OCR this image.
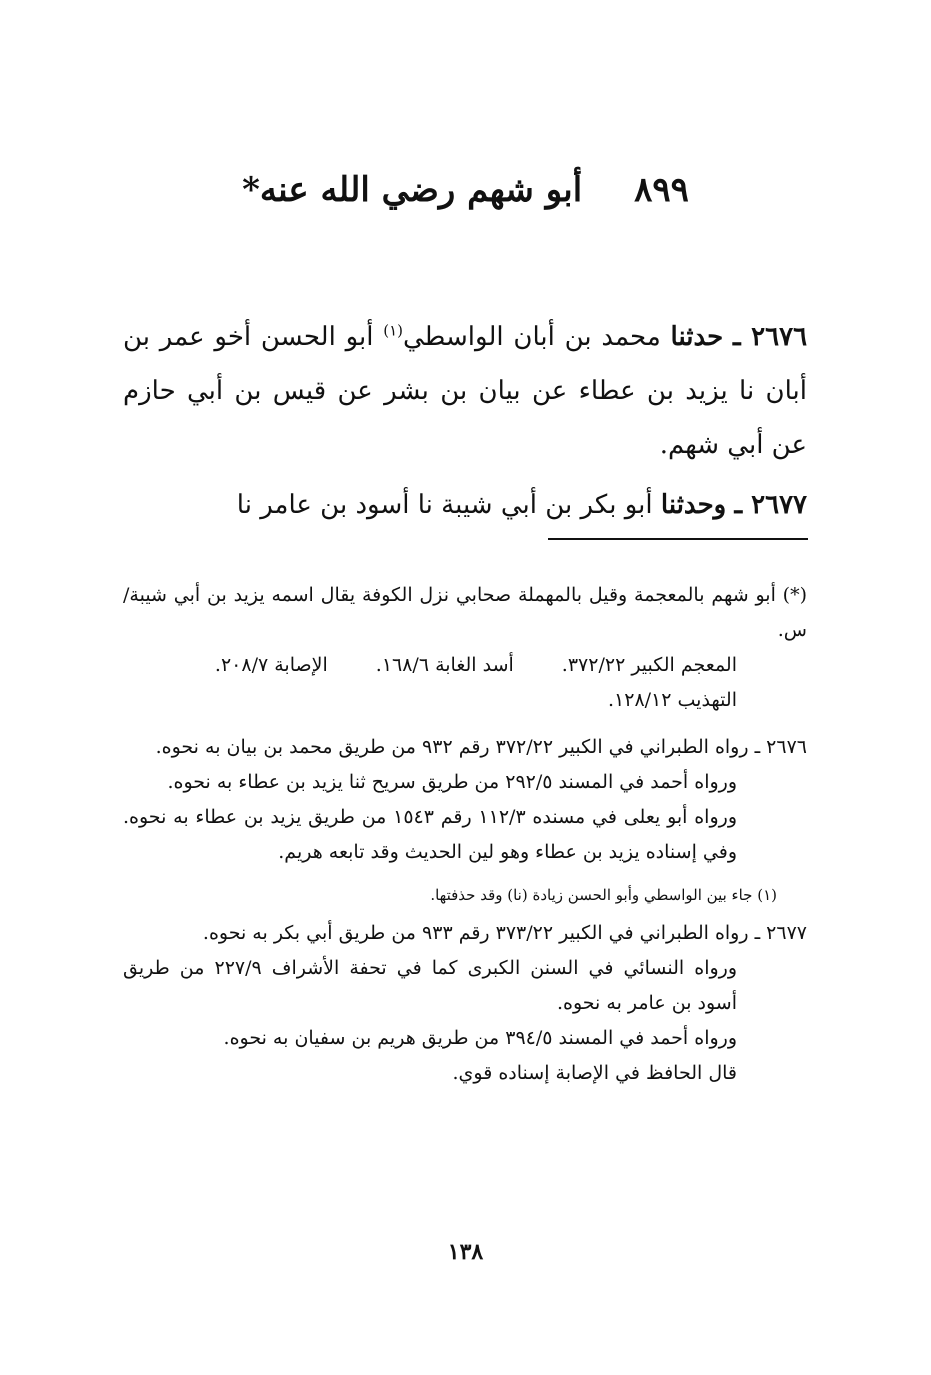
٨٩٩ أبو شهم رضي الله عنه*

٢٦٧٦ ـ حدثنا محمد بن أبان الواسطي$^{(١)}$ أبو الحسن أخو عمر بن أبان نا يزيد بن عطاء عن بيان بن بشر عن قيس بن أبي حازم عن أبي شهم.

٢٦٧٧ ـ وحدثنا أبو بكر بن أبي شيبة نا أسود بن عامر نا

(*) أبو شهم بالمعجمة وقيل بالمهملة صحابي نزل الكوفة يقال اسمه يزيد بن أبي شيبة/ س.

المعجم الكبير ٣٧٢/٢٢.
أسد الغابة ١٦٨/٦.
الإصابة ٢٠٨/٧.

التهذيب ١٢٨/١٢.

٢٦٧٦ ـ رواه الطبراني في الكبير ٣٧٢/٢٢ رقم ٩٣٢ من طريق محمد بن بيان به نحوه.

ورواه أحمد في المسند ٢٩٢/٥ من طريق سريح ثنا يزيد بن عطاء به نحوه.

ورواه أبو يعلى في مسنده ١١٢/٣ رقم ١٥٤٣ من طريق يزيد بن عطاء به نحوه. وفي إسناده يزيد بن عطاء وهو لين الحديث وقد تابعه هريم.

(١) جاء بين الواسطي وأبو الحسن زيادة (نا) وقد حذفتها.

٢٦٧٧ ـ رواه الطبراني في الكبير ٣٧٣/٢٢ رقم ٩٣٣ من طريق أبي بكر به نحوه.

ورواه النسائي في السنن الكبرى كما في تحفة الأشراف ٢٢٧/٩ من طريق أسود بن عامر به نحوه.

ورواه أحمد في المسند ٣٩٤/٥ من طريق هريم بن سفيان به نحوه.

قال الحافظ في الإصابة إسناده قوي.

١٣٨
